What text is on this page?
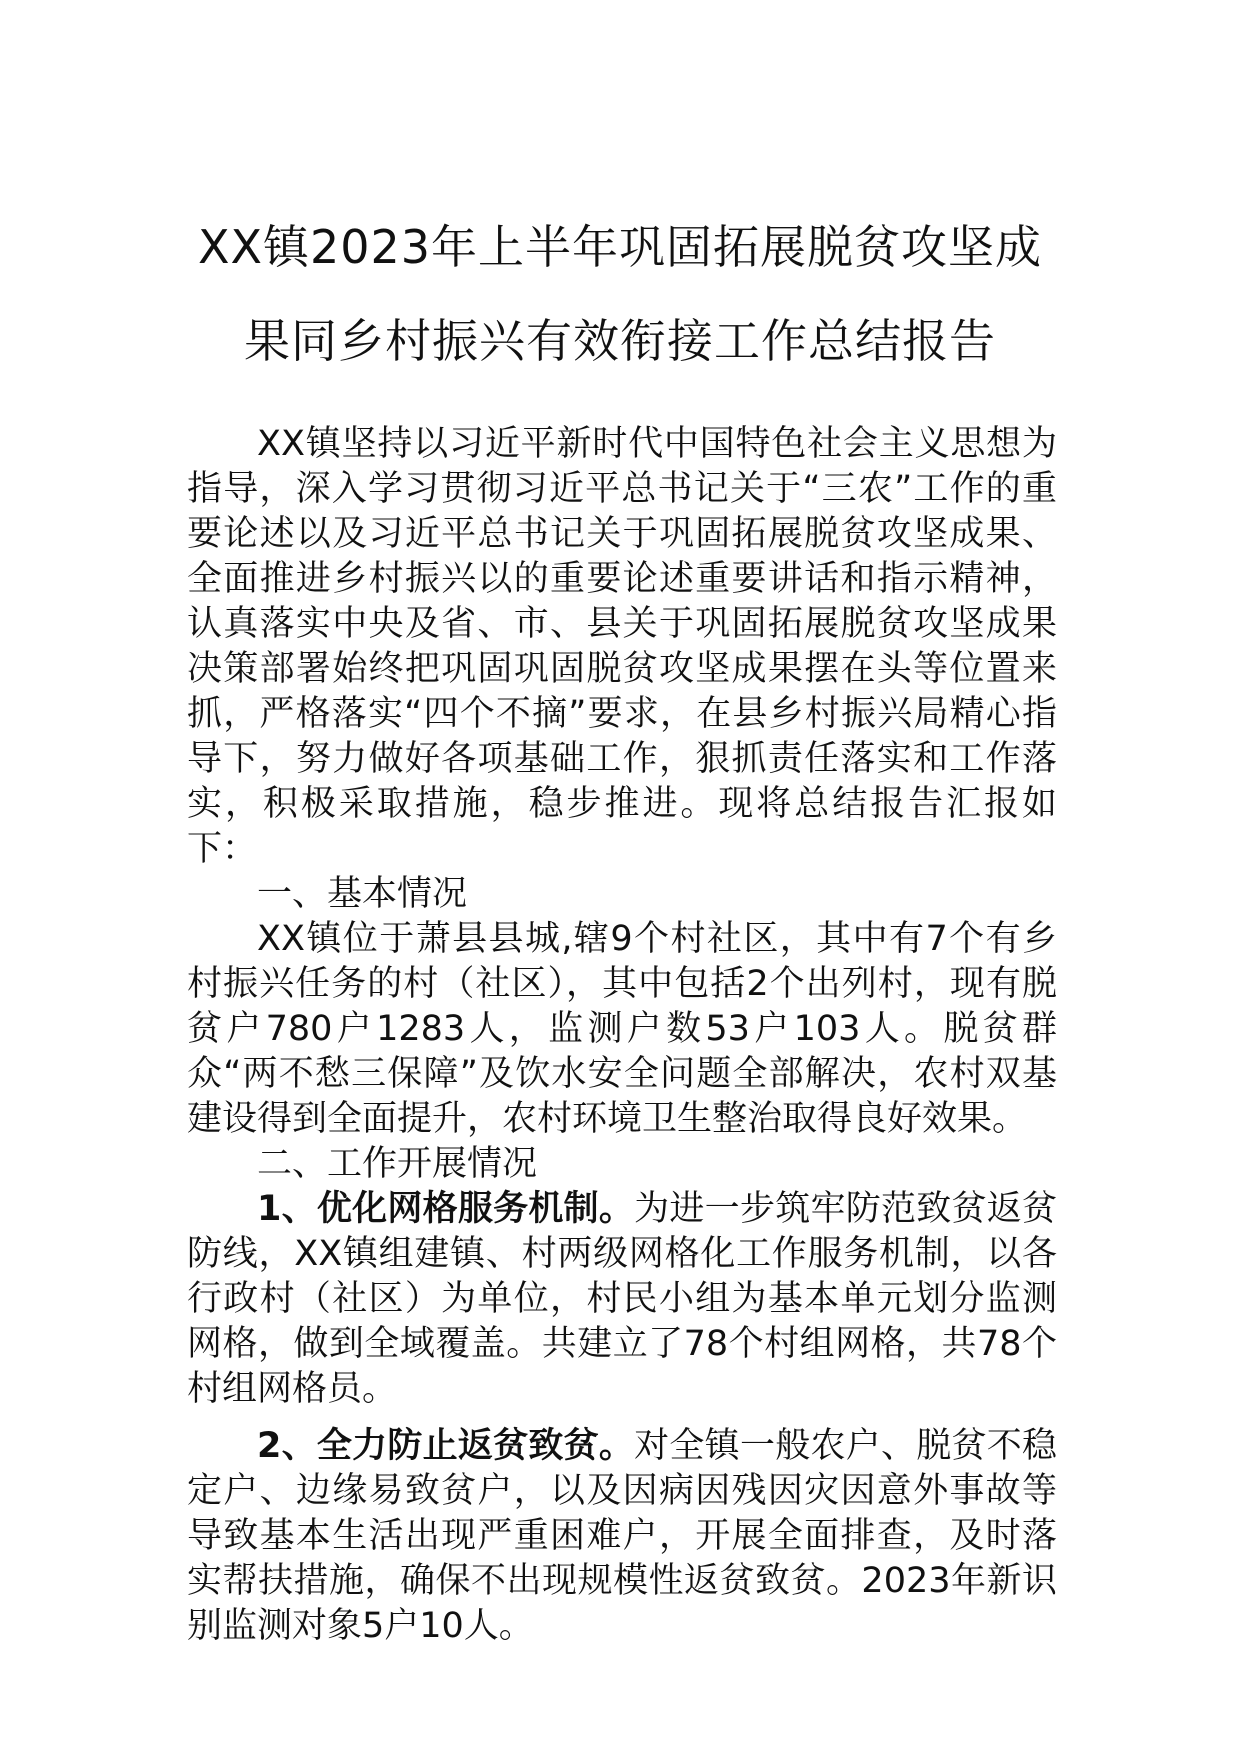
XX镇2023年上半年巩固拓展脱贫攻坚成
果同乡村振兴有效衔接工作总结报告

XX镇坚持以习近平新时代中国特色社会主义思想为指导，深入学习贯彻习近平总书记关于“三农”工作的重要论述以及习近平总书记关于巩固拓展脱贫攻坚成果、全面推进乡村振兴以的重要论述重要讲话和指示精神，认真落实中央及省、市、县关于巩固拓展脱贫攻坚成果决策部署始终把巩固巩固脱贫攻坚成果摆在头等位置来抓，严格落实“四个不摘”要求，在县乡村振兴局精心指导下，努力做好各项基础工作，狠抓责任落实和工作落实，积极采取措施，稳步推进。现将总结报告汇报如下：

一、基本情况

XX镇位于萧县县城,辖9个村社区，其中有7个有乡村振兴任务的村（社区），其中包括2个出列村，现有脱贫户780户1283人，监测户数53户103人。脱贫群众“两不愁三保障”及饮水安全问题全部解决，农村双基建设得到全面提升，农村环境卫生整治取得良好效果。

二、工作开展情况

1、优化网格服务机制。为进一步筑牢防范致贫返贫防线，XX镇组建镇、村两级网格化工作服务机制，以各行政村（社区）为单位，村民小组为基本单元划分监测网格，做到全域覆盖。共建立了78个村组网格，共78个村组网格员。

2、全力防止返贫致贫。对全镇一般农户、脱贫不稳定户、边缘易致贫户，以及因病因残因灾因意外事故等导致基本生活出现严重困难户，开展全面排查，及时落实帮扶措施，确保不出现规模性返贫致贫。2023年新识别监测对象5户10人。
